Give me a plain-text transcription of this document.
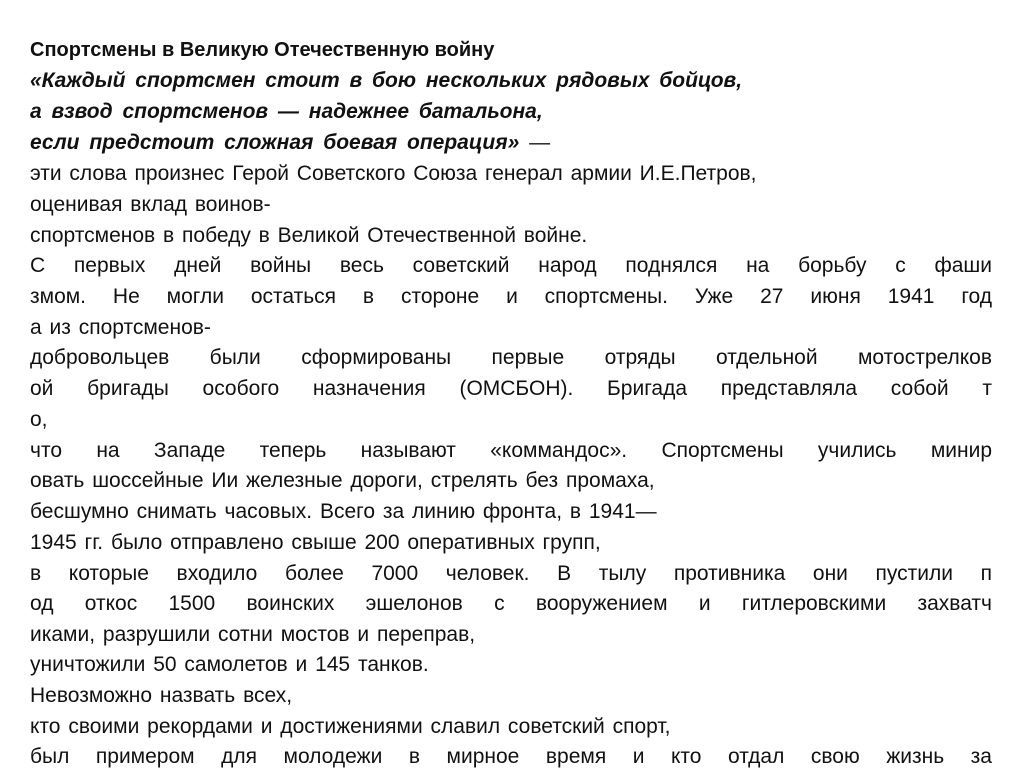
Спортсмены в Великую Отечественную войну

«Каждый спортсмен стоит в бою нескольких рядовых бойцов,

а взвод спортсменов — надежнее батальона,

если предстоит сложная боевая операция» —

эти слова произнес Герой Советского Союза генерал армии И.Е.Петров,

оценивая вклад воинов-

спортсменов в победу в Великой Отечественной войне.

С первых дней войны весь советский народ поднялся на борьбу с фаши

змом. Не могли остаться в стороне и спортсмены. Уже 27 июня 1941 год

а из спортсменов-

добровольцев были сформированы первые отряды отдельной мотострелков

ой бригады особого назначения (ОМСБОН). Бригада представляла собой т

о,

что на Западе теперь называют «коммандос». Спортсмены учились минир

овать шоссейные Ии железные дороги, стрелять без промаха,

бесшумно снимать часовых. Всего за линию фронта, в 1941—

1945 гг. было отправлено свыше 200 оперативных групп,

в которые входило более 7000 человек. В тылу противника они пустили п

од откос 1500 воинских эшелонов с вооружением и гитлеровскими захватч

иками, разрушили сотни мостов и переправ,

уничтожили 50 самолетов и 145 танков.

Невозможно назвать всех,

кто своими рекордами и достижениями славил советский спорт,

был примером для молодежи в мирное время и кто отдал свою жизнь за
